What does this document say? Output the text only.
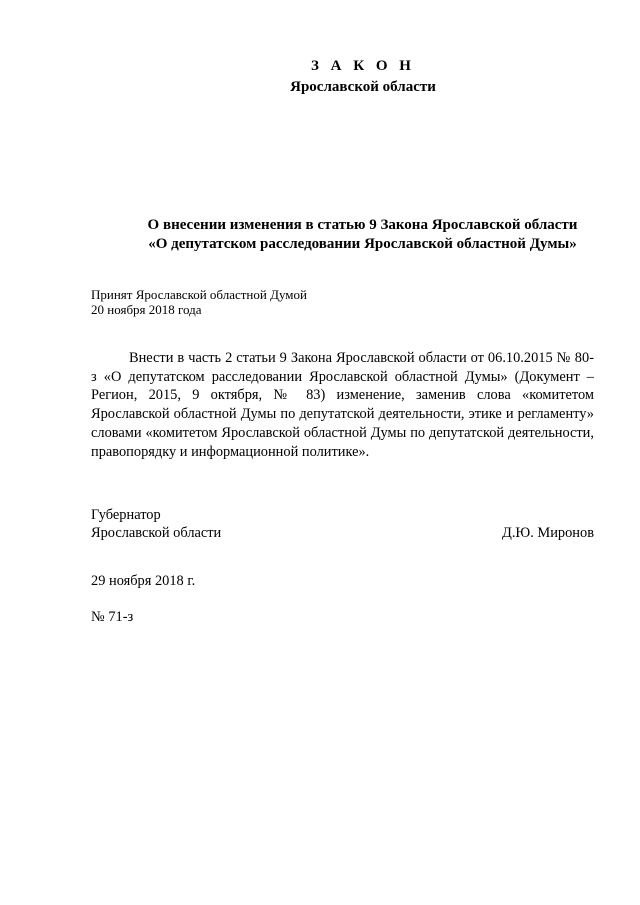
З А К О Н
Ярославской области
О внесении изменения в статью 9 Закона Ярославской области
«О депутатском расследовании Ярославской областной Думы»
Принят Ярославской областной Думой
20 ноября 2018 года

Внести в часть 2 статьи 9 Закона Ярославской области от 06.10.2015 № 80-з «О депутатском расследовании Ярославской областной Думы» (Документ – Регион, 2015, 9 октября, № 83) изменение, заменив слова «комитетом Ярославской областной Думы по депутатской деятельности, этике и регламенту» словами «комитетом Ярославской областной Думы по депутатской деятельности, правопорядку и информационной политике».

Губернатор
Ярославской области	Д.Ю. Миронов
29 ноября 2018 г.
№ 71-з
